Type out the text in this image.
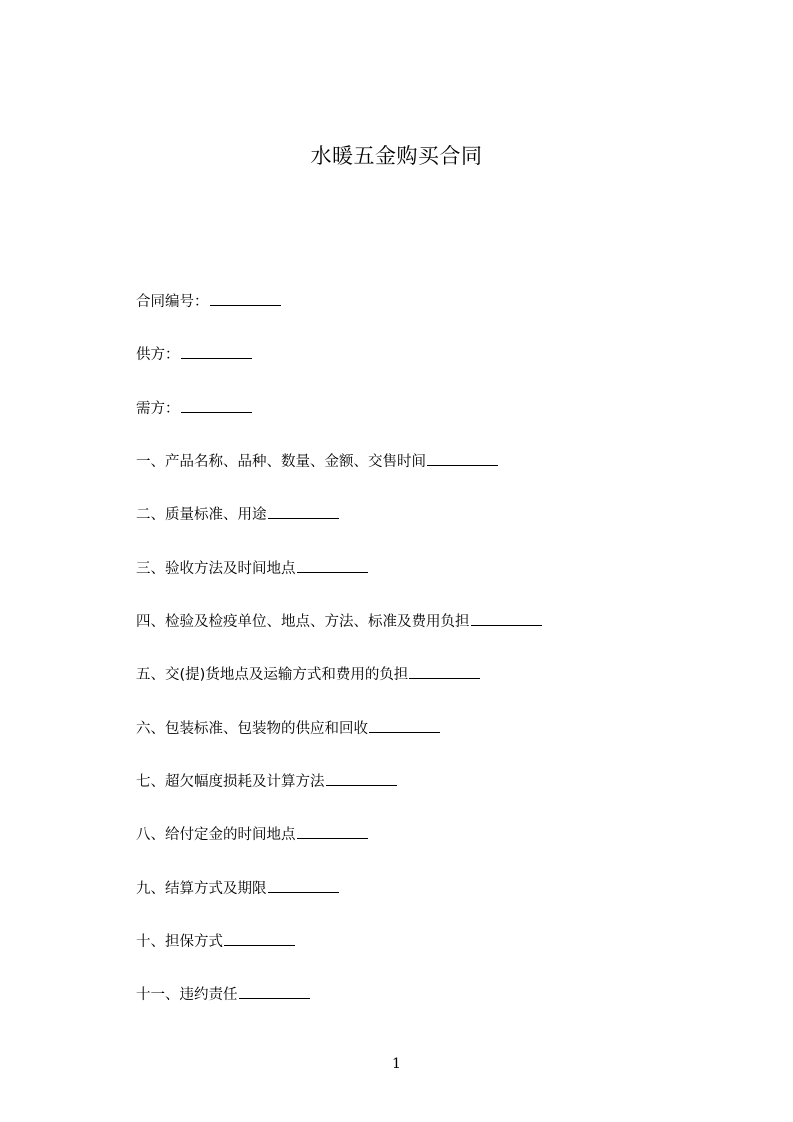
水暖五金购买合同
合同编号：
供方：
需方：
一、产品名称、品种、数量、金额、交售时间
二、质量标准、用途
三、验收方法及时间地点
四、检验及检疫单位、地点、方法、标准及费用负担
五、交(提)货地点及运输方式和费用的负担
六、包装标准、包装物的供应和回收
七、超欠幅度损耗及计算方法
八、给付定金的时间地点
九、结算方式及期限
十、担保方式
十一、违约责任
1
